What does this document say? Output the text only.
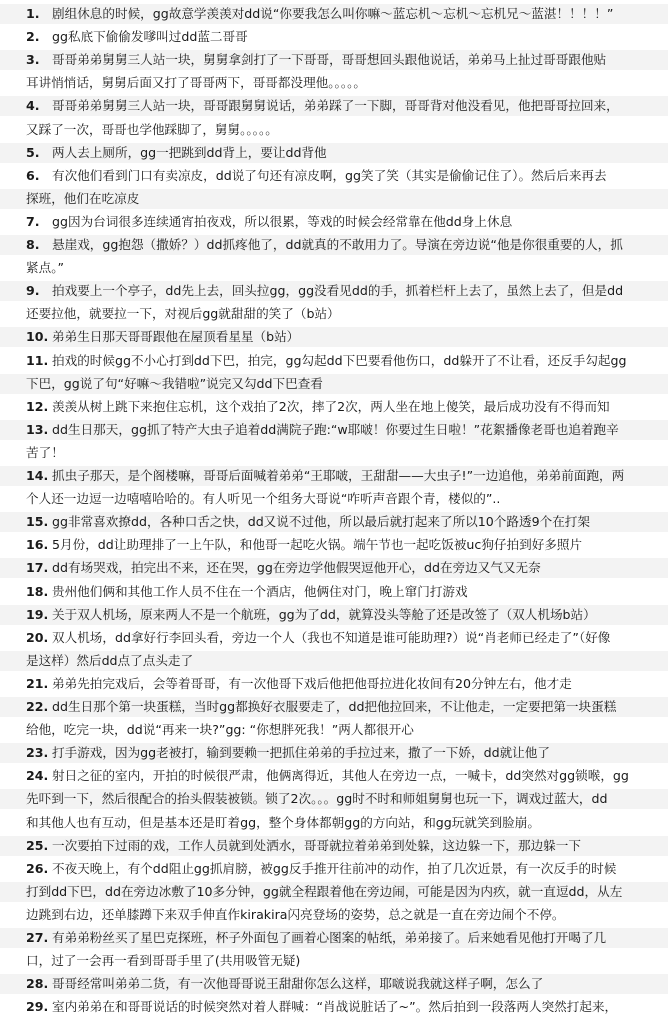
1. 剧组休息的时候，gg故意学羡羡对dd说“你要我怎么叫你嘛～蓝忘机～忘机～忘机兄～蓝湛！！！！”
2. gg私底下偷偷发嗲叫过dd蓝二哥哥
3. 哥哥弟弟舅舅三人站一块，舅舅拿剑打了一下哥哥，哥哥想回头跟他说话，弟弟马上扯过哥哥跟他贴
耳讲悄悄话，舅舅后面又打了哥哥两下，哥哥都没理他。。。。。
4. 哥哥弟弟舅舅三人站一块，哥哥跟舅舅说话，弟弟踩了一下脚，哥哥背对他没看见，他把哥哥拉回来，
又踩了一次，哥哥也学他踩脚了，舅舅。。。。。
5. 两人去上厕所，gg一把跳到dd背上，要让dd背他
6. 有次他们看到门口有卖凉皮，dd说了句还有凉皮啊，gg笑了笑（其实是偷偷记住了）。然后后来再去
探班，他们在吃凉皮
7. gg因为台词很多连续通宵拍夜戏，所以很累，等戏的时候会经常靠在他dd身上休息
8. 悬崖戏，gg抱怨（撒娇？）dd抓疼他了，dd就真的不敢用力了。导演在旁边说“他是你很重要的人，抓
紧点。”
9. 拍戏要上一个亭子，dd先上去，回头拉gg，gg没看见dd的手，抓着栏杆上去了，虽然上去了，但是dd
还要拉他，就要拉一下，对视后gg就甜甜的笑了（b站）
10. 弟弟生日那天哥哥跟他在屋顶看星星（b站）
11. 拍戏的时候gg不小心打到dd下巴，拍完，gg勾起dd下巴要看他伤口，dd躲开了不让看，还反手勾起gg
下巴，gg说了句“好嘛～我错啦”说完又勾dd下巴查看
12. 羡羡从树上跳下来抱住忘机，这个戏拍了2次，摔了2次，两人坐在地上傻笑，最后成功没有不得而知
13. dd生日那天，gg抓了特产大虫子追着dd满院子跑:“w耶啵！你要过生日啦！”花絮播像老哥也追着跑辛
苦了！
14. 抓虫子那天，是个阁楼嘛，哥哥后面喊着弟弟“王耶啵，王甜甜——大虫子!”一边追他，弟弟前面跑，两
个人还一边逗一边嘻嘻哈哈的。有人听见一个组务大哥说“咋听声音跟个青，楼似的”..
15. gg非常喜欢撩dd，各种口舌之快，dd又说不过他，所以最后就打起来了所以10个路透9个在打架
16. 5月份，dd让助理排了一上午队，和他哥一起吃火锅。端午节也一起吃饭被uc狗仔拍到好多照片
17. dd有场哭戏，拍完出不来，还在哭，gg在旁边学他假哭逗他开心，dd在旁边又气又无奈
18. 贵州他们俩和其他工作人员不住在一个酒店，他俩住对门，晚上窜门打游戏
19. 关于双人机场，原来两人不是一个航班，gg为了dd，就算没头等舱了还是改签了（双人机场b站）
20. 双人机场，dd拿好行李回头看，旁边一个人（我也不知道是谁可能助理?）说“肖老师已经走了”（好像
是这样）然后dd点了点头走了
21. 弟弟先拍完戏后，会等着哥哥，有一次他哥下戏后他把他哥拉进化妆间有20分钟左右，他才走
22. dd生日那个第一块蛋糕，当时gg都换好衣服要走了，dd把他拉回来，不让他走，一定要把第一块蛋糕
给他，吃完一块，dd说“再来一块?”gg: “你想胖死我！”两人都很开心
23. 打手游戏，因为gg老被打，输到要赖一把抓住弟弟的手拉过来，撒了一下娇，dd就让他了
24. 射日之征的室内，开拍的时候很严肃，他俩离得近，其他人在旁边一点，一喊卡，dd突然对gg锁喉，gg
先吓到一下，然后很配合的抬头假装被锁。锁了2次。。。gg时不时和师姐舅舅也玩一下，调戏过蓝大，dd
和其他人也有互动，但是基本还是盯着gg，整个身体都朝gg的方向站，和gg玩就笑到脸崩。
25. 一次要拍下过雨的戏，工作人员就到处洒水，哥哥就拉着弟弟到处躲，这边躲一下，那边躲一下
26. 不夜天晚上，有个dd阻止gg抓肩膀，被gg反手推开往前冲的动作，拍了几次近景，有一次反手的时候
打到dd下巴，dd在旁边冰敷了10多分钟，gg就全程跟着他在旁边闹，可能是因为内疚，就一直逗dd，从左
边跳到右边，还单膝蹲下来双手伸直作kirakira闪亮登场的姿势，总之就是一直在旁边闹个不停。
27. 有弟弟粉丝买了星巴克探班，杯子外面包了画着心图案的帖纸，弟弟接了。后来她看见他打开喝了几
口，过了一会再一看到哥哥手里了(共用吸管无疑)
28. 哥哥经常叫弟弟二货，有一次他哥哥说王甜甜你怎么这样，耶啵说我就这样子啊，怎么了
29. 室内弟弟在和哥哥说话的时候突然对着人群喊：“肖战说脏话了~”。然后拍到一段落两人突然打起来，
